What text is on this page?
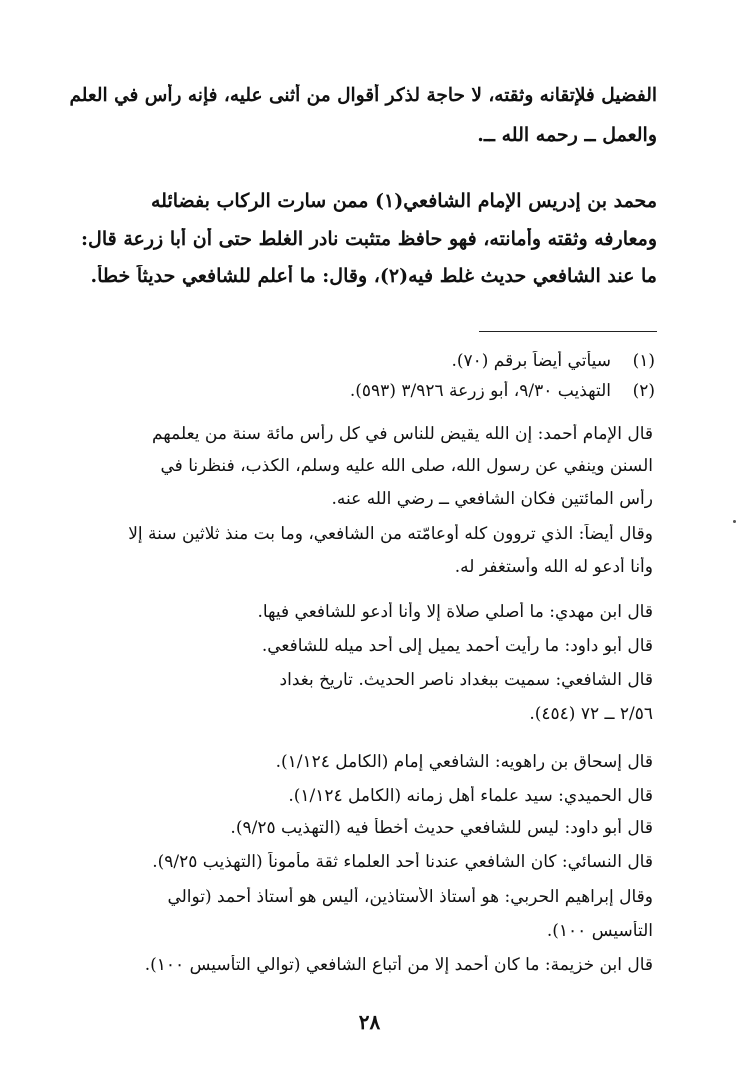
الفضيل فلإتقانه وثقته، لا حاجة لذكر أقوال من أثنى عليه، فإنه رأس في العلم
والعمل ــ رحمه الله ــ.
محمد بن إدريس الإمام الشافعي(١) ممن سارت الركاب بفضائله
ومعارفه وثقته وأمانته، فهو حافظ متثبت نادر الغلط حتى أن أبا زرعة قال:
ما عند الشافعي حديث غلط فيه(٢)، وقال: ما أعلم للشافعي حديثاً خطأ.
(١)
سيأتي أيضاً برقم (٧٠).
(٢)
التهذيب ٩/٣٠، أبو زرعة ٣/٩٢٦ (٥٩٣).
قال الإمام أحمد: إن الله يقيض للناس في كل رأس مائة سنة من يعلمهم
السنن وينفي عن رسول الله، صلى الله عليه وسلم، الكذب، فنظرنا في
رأس المائتين فكان الشافعي ــ رضي الله عنه.
وقال أيضاً: الذي تروون كله أوعامّته من الشافعي، وما بت منذ ثلاثين سنة إلا
وأنا أدعو له الله وأستغفر له.
قال ابن مهدي: ما أصلي صلاة إلا وأنا أدعو للشافعي فيها.
قال أبو داود: ما رأيت أحمد يميل إلى أحد ميله للشافعي.
قال الشافعي: سميت ببغداد ناصر الحديث. تاريخ بغداد
٢/٥٦ ــ ٧٢ (٤٥٤).
قال إسحاق بن راهويه: الشافعي إمام (الكامل ١/١٢٤).
قال الحميدي: سيد علماء أهل زمانه (الكامل ١/١٢٤).
قال أبو داود: ليس للشافعي حديث أخطأ فيه (التهذيب ٩/٢٥).
قال النسائي: كان الشافعي عندنا أحد العلماء ثقة مأموناً (التهذيب ٩/٢٥).
وقال إبراهيم الحربي: هو أستاذ الأستاذين، أليس هو أستاذ أحمد (توالي
التأسيس ١٠٠).
قال ابن خزيمة: ما كان أحمد إلا من أتباع الشافعي (توالي التأسيس ١٠٠).
٢٨
